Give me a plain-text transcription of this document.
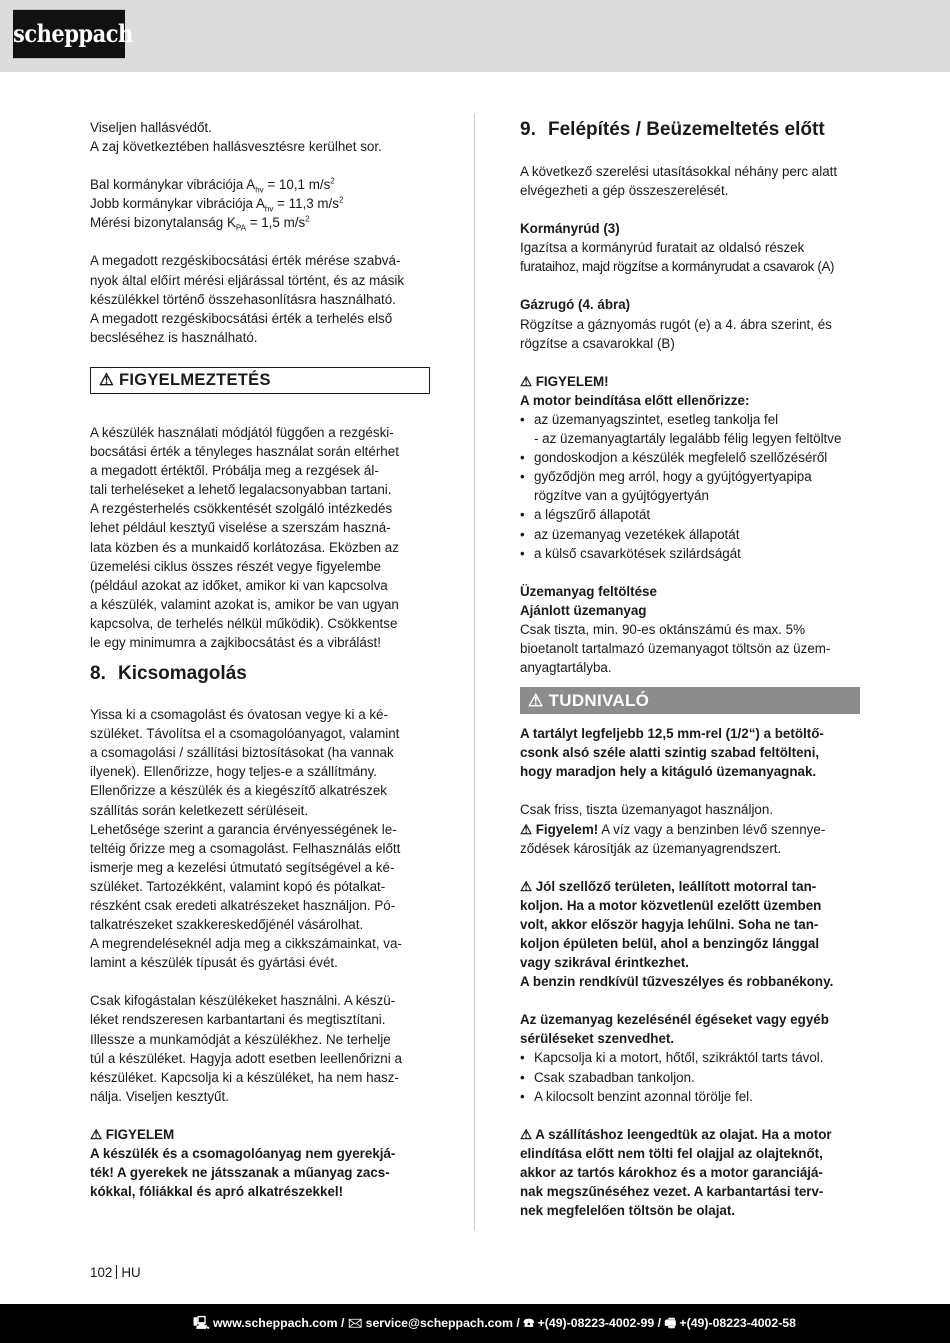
scheppach

Viseljen hallásvédőt.

A zaj következtében hallásvesztésre kerülhet sor.

Bal kormánykar vibrációja $A_{hv} = 10,1$ $m/s^2$

Jobb kormánykar vibrációja $A_{hv} = 11,3$ $m/s^2$

Mérési bizonytalanság $K_{PA} = 1,5$ $m/s^2$

A megadott rezgéskibocsátási érték mérése szabvá-

nyok által előírt mérési eljárással történt, és az másik

készülékkel történő összehasonlításra használható.

A megadott rezgéskibocsátási érték a terhelés első

becsléséhez is használható.

⚠ FIGYELMEZTETÉS

A készülék használati módjától függően a rezgéski-

bocsátási érték a tényleges használat során eltérhet

a megadott értéktől. Próbálja meg a rezgések ál-

tali terheléseket a lehető legalacsonyabban tartani.

A rezgésterhelés csökkentését szolgáló intézkedés

lehet például kesztyű viselése a szerszám haszná-

lata közben és a munkaidő korlátozása. Eközben az

üzemelési ciklus összes részét vegye figyelembe

(például azokat az időket, amikor ki van kapcsolva

a készülék, valamint azokat is, amikor be van ugyan

kapcsolva, de terhelés nélkül működik). Csökkentse

le egy minimumra a zajkibocsátást és a vibrálást!

8. Kicsomagolás

Yissa ki a csomagolást és óvatosan vegye ki a ké-

szüléket. Távolítsa el a csomagolóanyagot, valamint

a csomagolási / szállítási biztosításokat (ha vannak

ilyenek). Ellenőrizze, hogy teljes-e a szállítmány.

Ellenőrizze a készülék és a kiegészítő alkatrészek

szállítás során keletkezett sérüléseit.

Lehetősége szerint a garancia érvényességének le-

teltéig őrizze meg a csomagolást. Felhasználás előtt

ismerje meg a kezelési útmutató segítségével a ké-

szüléket. Tartozékként, valamint kopó és pótalkat-

részként csak eredeti alkatrészeket használjon. Pó-

talkatrészeket szakkereskedőjénél vásárolhat.

A megrendeléseknél adja meg a cikkszámainkat, va-

lamint a készülék típusát és gyártási évét.

Csak kifogástalan készülékeket használni. A készü-

léket rendszeresen karbantartani és megtisztítani.

Illessze a munkamódját a készülékhez. Ne terhelje

túl a készüléket. Hagyja adott esetben leellenőrizni a

készüléket. Kapcsolja ki a készüléket, ha nem hasz-

nálja. Viseljen kesztyűt.

⚠ FIGYELEM

A készülék és a csomagolóanyag nem gyerekjá-

ték! A gyerekek ne játsszanak a műanyag zacs-

kókkal, fóliákkal és apró alkatrészekkel!

9. Felépítés / Beüzemeltetés előtt

A következő szerelési utasításokkal néhány perc alatt

elvégezheti a gép összeszerelését.

Kormányrúd (3)

Igazítsa a kormányrúd furatait az oldalsó részek

furataihoz, majd rögzítse a kormányrudat a csavarok (A)

Gázrugó (4. ábra)

Rögzítse a gáznyomás rugót (e) a 4. ábra szerint, és

rögzítse a csavarokkal (B)

⚠ FIGYELEM!

A motor beindítása előtt ellenőrizze:

• az üzemanyagszintet, esetleg tankolja fel

- az üzemanyagtartály legalább félig legyen feltöltve

• gondoskodjon a készülék megfelelő szellőzéséről

• győződjön meg arról, hogy a gyújtógyertyapipa

rögzítve van a gyújtógyertyán

• a légszűrő állapotát

• az üzemanyag vezetékek állapotát

• a külső csavarkötések szilárdságát

Üzemanyag feltöltése

Ajánlott üzemanyag

Csak tiszta, min. 90-es oktánszámú és max. 5%

bioetanolt tartalmazó üzemanyagot töltsön az üzem-

anyagtartályba.

⚠ TUDNIVALÓ

A tartályt legfeljebb 12,5 mm-rel (1/2“) a betöltő-

csonk alsó széle alatti szintig szabad feltölteni,

hogy maradjon hely a kitáguló üzemanyagnak.

Csak friss, tiszta üzemanyagot használjon.

⚠ Figyelem! A víz vagy a benzinben lévő szennye-

ződések károsítják az üzemanyagrendszert.

⚠ Jól szellőző területen, leállított motorral tan-

koljon. Ha a motor közvetlenül ezelőtt üzemben

volt, akkor először hagyja lehűlni. Soha ne tan-

koljon épületen belül, ahol a benzingőz lánggal

vagy szikrával érintkezhet.

A benzin rendkívül tűzveszélyes és robbanékony.

Az üzemanyag kezelésénél égéseket vagy egyéb

sérüléseket szenvedhet.

• Kapcsolja ki a motort, hőtől, szikráktól tarts távol.

• Csak szabadban tankoljon.

• A kilocsolt benzint azonnal törölje fel.

⚠ A szállításhoz leengedtük az olajat. Ha a motor

elindítása előtt nem tölti fel olajjal az olajteknőt,

akkor az tartós károkhoz és a motor garanciájá-

nak megszűnéséhez vezet. A karbantartási terv-

nek megfelelően töltsön be olajat.

102 HU
🖳 www.scheppach.com / 🖂 service@scheppach.com / ☎ +(49)-08223-4002-99 / 🖷 +(49)-08223-4002-58
